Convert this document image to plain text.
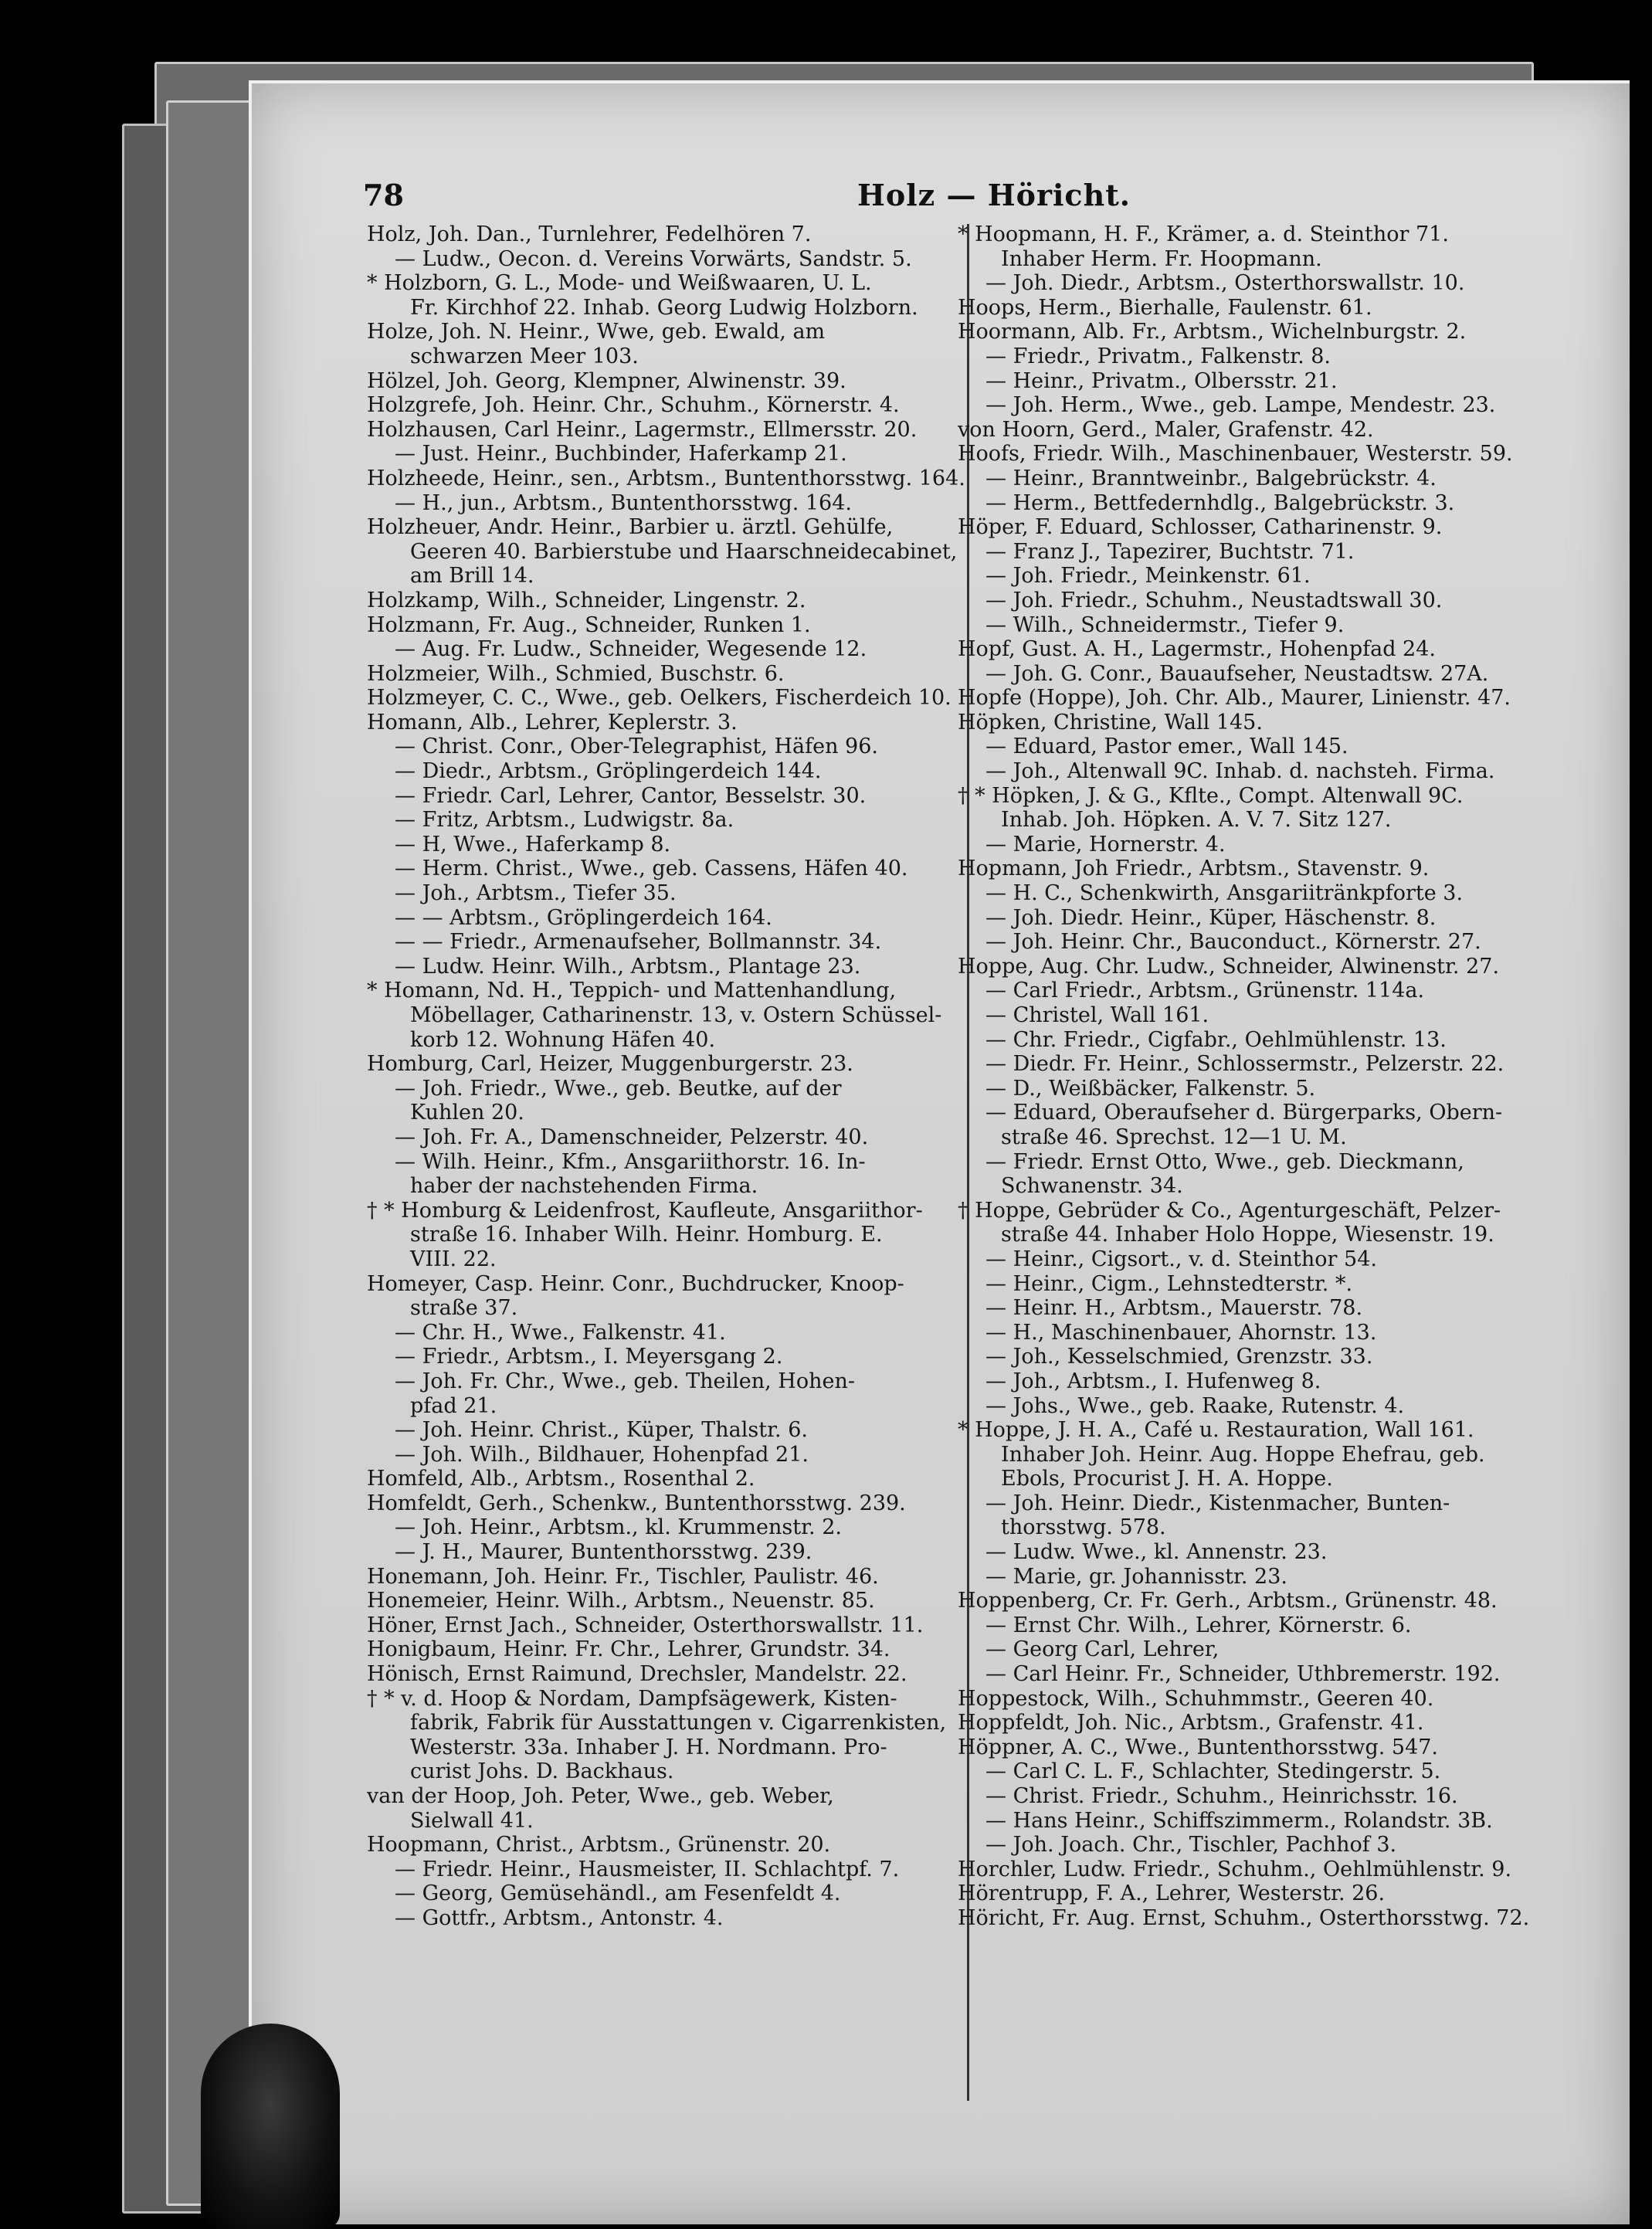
78	Holz — Höricht.
Holz, Joh. Dan., Turnlehrer, Fedelhören 7.
— Ludw., Oecon. d. Vereins Vorwärts, Sandstr. 5.
* Holzborn, G. L., Mode- und Weißwaaren, U. L.
Fr. Kirchhof 22. Inhab. Georg Ludwig Holzborn.
Holze, Joh. N. Heinr., Wwe, geb. Ewald, am
schwarzen Meer 103.
Hölzel, Joh. Georg, Klempner, Alwinenstr. 39.
Holzgrefe, Joh. Heinr. Chr., Schuhm., Körnerstr. 4.
Holzhausen, Carl Heinr., Lagermstr., Ellmersstr. 20.
— Just. Heinr., Buchbinder, Haferkamp 21.
Holzheede, Heinr., sen., Arbtsm., Buntenthorsstwg. 164.
— H., jun., Arbtsm., Buntenthorsstwg. 164.
Holzheuer, Andr. Heinr., Barbier u. ärztl. Gehülfe,
Geeren 40. Barbierstube und Haarschneidecabinet,
am Brill 14.
Holzkamp, Wilh., Schneider, Lingenstr. 2.
Holzmann, Fr. Aug., Schneider, Runken 1.
— Aug. Fr. Ludw., Schneider, Wegesende 12.
Holzmeier, Wilh., Schmied, Buschstr. 6.
Holzmeyer, C. C., Wwe., geb. Oelkers, Fischerdeich 10.
Homann, Alb., Lehrer, Keplerstr. 3.
— Christ. Conr., Ober-Telegraphist, Häfen 96.
— Diedr., Arbtsm., Gröplingerdeich 144.
— Friedr. Carl, Lehrer, Cantor, Besselstr. 30.
— Fritz, Arbtsm., Ludwigstr. 8a.
— H, Wwe., Haferkamp 8.
— Herm. Christ., Wwe., geb. Cassens, Häfen 40.
— Joh., Arbtsm., Tiefer 35.
— — Arbtsm., Gröplingerdeich 164.
— — Friedr., Armenaufseher, Bollmannstr. 34.
— Ludw. Heinr. Wilh., Arbtsm., Plantage 23.
* Homann, Nd. H., Teppich- und Mattenhandlung,
Möbellager, Catharinenstr. 13, v. Ostern Schüssel-
korb 12. Wohnung Häfen 40.
Homburg, Carl, Heizer, Muggenburgerstr. 23.
— Joh. Friedr., Wwe., geb. Beutke, auf der
Kuhlen 20.
— Joh. Fr. A., Damenschneider, Pelzerstr. 40.
— Wilh. Heinr., Kfm., Ansgariithorstr. 16. In-
haber der nachstehenden Firma.
† * Homburg & Leidenfrost, Kaufleute, Ansgariithor-
straße 16. Inhaber Wilh. Heinr. Homburg. E.
VIII. 22.
Homeyer, Casp. Heinr. Conr., Buchdrucker, Knoop-
straße 37.
— Chr. H., Wwe., Falkenstr. 41.
— Friedr., Arbtsm., I. Meyersgang 2.
— Joh. Fr. Chr., Wwe., geb. Theilen, Hohen-
pfad 21.
— Joh. Heinr. Christ., Küper, Thalstr. 6.
— Joh. Wilh., Bildhauer, Hohenpfad 21.
Homfeld, Alb., Arbtsm., Rosenthal 2.
Homfeldt, Gerh., Schenkw., Buntenthorsstwg. 239.
— Joh. Heinr., Arbtsm., kl. Krummenstr. 2.
— J. H., Maurer, Buntenthorsstwg. 239.
Honemann, Joh. Heinr. Fr., Tischler, Paulistr. 46.
Honemeier, Heinr. Wilh., Arbtsm., Neuenstr. 85.
Höner, Ernst Jach., Schneider, Osterthorswallstr. 11.
Honigbaum, Heinr. Fr. Chr., Lehrer, Grundstr. 34.
Hönisch, Ernst Raimund, Drechsler, Mandelstr. 22.
† * v. d. Hoop & Nordam, Dampfsägewerk, Kisten-
fabrik, Fabrik für Ausstattungen v. Cigarrenkisten,
Westerstr. 33a. Inhaber J. H. Nordmann. Pro-
curist Johs. D. Backhaus.
van der Hoop, Joh. Peter, Wwe., geb. Weber,
Sielwall 41.
Hoopmann, Christ., Arbtsm., Grünenstr. 20.
— Friedr. Heinr., Hausmeister, II. Schlachtpf. 7.
— Georg, Gemüsehändl., am Fesenfeldt 4.
— Gottfr., Arbtsm., Antonstr. 4.
* Hoopmann, H. F., Krämer, a. d. Steinthor 71.
Inhaber Herm. Fr. Hoopmann.
— Joh. Diedr., Arbtsm., Osterthorswallstr. 10.
Hoops, Herm., Bierhalle, Faulenstr. 61.
Hoormann, Alb. Fr., Arbtsm., Wichelnburgstr. 2.
— Friedr., Privatm., Falkenstr. 8.
— Heinr., Privatm., Olbersstr. 21.
— Joh. Herm., Wwe., geb. Lampe, Mendestr. 23.
von Hoorn, Gerd., Maler, Grafenstr. 42.
Hoofs, Friedr. Wilh., Maschinenbauer, Westerstr. 59.
— Heinr., Branntweinbr., Balgebrückstr. 4.
— Herm., Bettfedernhdlg., Balgebrückstr. 3.
Höper, F. Eduard, Schlosser, Catharinenstr. 9.
— Franz J., Tapezirer, Buchtstr. 71.
— Joh. Friedr., Meinkenstr. 61.
— Joh. Friedr., Schuhm., Neustadtswall 30.
— Wilh., Schneidermstr., Tiefer 9.
Hopf, Gust. A. H., Lagermstr., Hohenpfad 24.
— Joh. G. Conr., Bauaufseher, Neustadtsw. 27A.
Hopfe (Hoppe), Joh. Chr. Alb., Maurer, Linienstr. 47.
Höpken, Christine, Wall 145.
— Eduard, Pastor emer., Wall 145.
— Joh., Altenwall 9C. Inhab. d. nachsteh. Firma.
† * Höpken, J. & G., Kflte., Compt. Altenwall 9C.
Inhab. Joh. Höpken. A. V. 7. Sitz 127.
— Marie, Hornerstr. 4.
Hopmann, Joh Friedr., Arbtsm., Stavenstr. 9.
— H. C., Schenkwirth, Ansgariitränkpforte 3.
— Joh. Diedr. Heinr., Küper, Häschenstr. 8.
— Joh. Heinr. Chr., Bauconduct., Körnerstr. 27.
Hoppe, Aug. Chr. Ludw., Schneider, Alwinenstr. 27.
— Carl Friedr., Arbtsm., Grünenstr. 114a.
— Christel, Wall 161.
— Chr. Friedr., Cigfabr., Oehlmühlenstr. 13.
— Diedr. Fr. Heinr., Schlossermstr., Pelzerstr. 22.
— D., Weißbäcker, Falkenstr. 5.
— Eduard, Oberaufseher d. Bürgerparks, Obern-
straße 46. Sprechst. 12—1 U. M.
— Friedr. Ernst Otto, Wwe., geb. Dieckmann,
Schwanenstr. 34.
† Hoppe, Gebrüder & Co., Agenturgeschäft, Pelzer-
straße 44. Inhaber Holo Hoppe, Wiesenstr. 19.
— Heinr., Cigsort., v. d. Steinthor 54.
— Heinr., Cigm., Lehnstedterstr. *.
— Heinr. H., Arbtsm., Mauerstr. 78.
— H., Maschinenbauer, Ahornstr. 13.
— Joh., Kesselschmied, Grenzstr. 33.
— Joh., Arbtsm., I. Hufenweg 8.
— Johs., Wwe., geb. Raake, Rutenstr. 4.
* Hoppe, J. H. A., Café u. Restauration, Wall 161.
Inhaber Joh. Heinr. Aug. Hoppe Ehefrau, geb.
Ebols, Procurist J. H. A. Hoppe.
— Joh. Heinr. Diedr., Kistenmacher, Bunten-
thorsstwg. 578.
— Ludw. Wwe., kl. Annenstr. 23.
— Marie, gr. Johannisstr. 23.
Hoppenberg, Cr. Fr. Gerh., Arbtsm., Grünenstr. 48.
— Ernst Chr. Wilh., Lehrer, Körnerstr. 6.
— Georg Carl, Lehrer,
— Carl Heinr. Fr., Schneider, Uthbremerstr. 192.
Hoppestock, Wilh., Schuhmmstr., Geeren 40.
Hoppfeldt, Joh. Nic., Arbtsm., Grafenstr. 41.
Höppner, A. C., Wwe., Buntenthorsstwg. 547.
— Carl C. L. F., Schlachter, Stedingerstr. 5.
— Christ. Friedr., Schuhm., Heinrichsstr. 16.
— Hans Heinr., Schiffszimmerm., Rolandstr. 3B.
— Joh. Joach. Chr., Tischler, Pachhof 3.
Horchler, Ludw. Friedr., Schuhm., Oehlmühlenstr. 9.
Hörentrupp, F. A., Lehrer, Westerstr. 26.
Höricht, Fr. Aug. Ernst, Schuhm., Osterthorsstwg. 72.
